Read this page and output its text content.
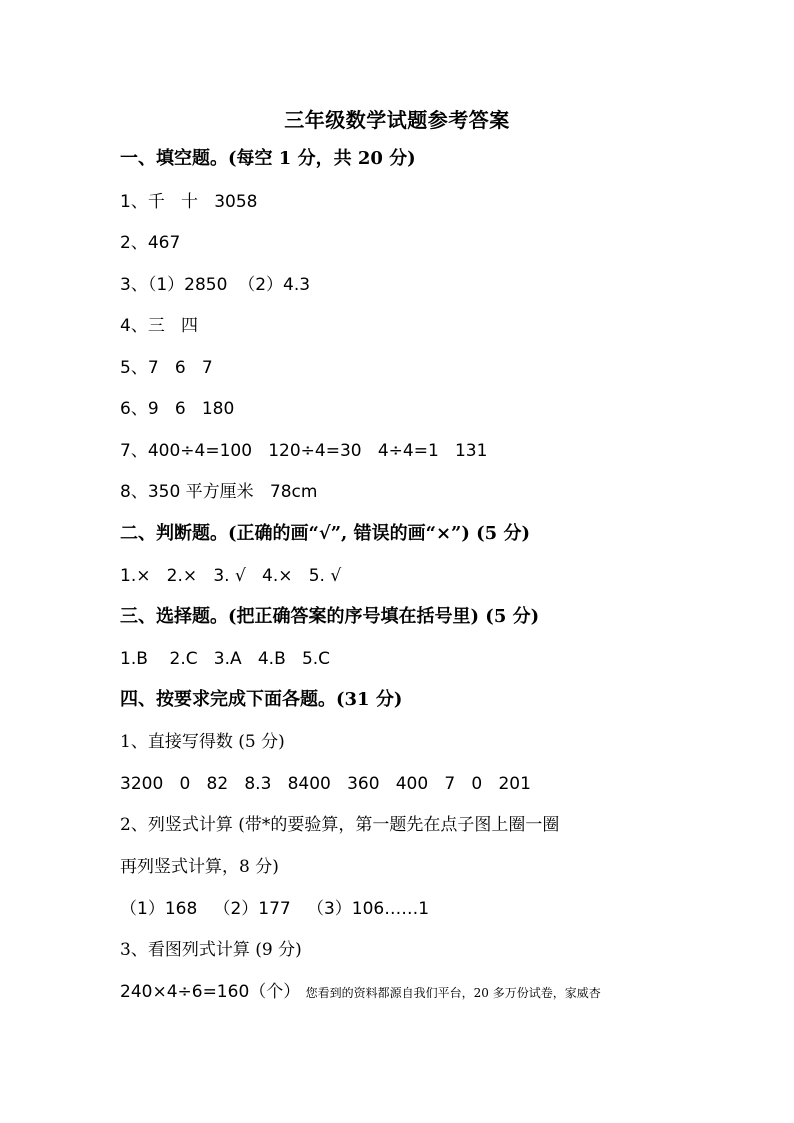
三年级数学试题参考答案
一、填空题。(每空 1 分，共 20 分)
1、千   十   3058
2、467
3、（1）2850  （2）4.3
4、三   四
5、7   6   7
6、9   6   180
7、400÷4=100   120÷4=30   4÷4=1   131
8、350 平方厘米   78cm
二、判断题。(正确的画“√”, 错误的画“×”) (5 分)
1.×   2.×   3. √   4.×   5. √
三、选择题。(把正确答案的序号填在括号里) (5 分)
1.B    2.C   3.A   4.B   5.C
四、按要求完成下面各题。(31 分)
1、直接写得数 (5 分)
3200   0   82   8.3   8400   360   400   7   0   201
2、列竖式计算 (带*的要验算，第一题先在点子图上圈一圈
再列竖式计算，8 分)
（1）168   （2）177   （3）106……1
3、看图列式计算 (9 分)
240×4÷6=160（个） 您看到的资料都源自我们平台，20 多万份试卷，家威杏
